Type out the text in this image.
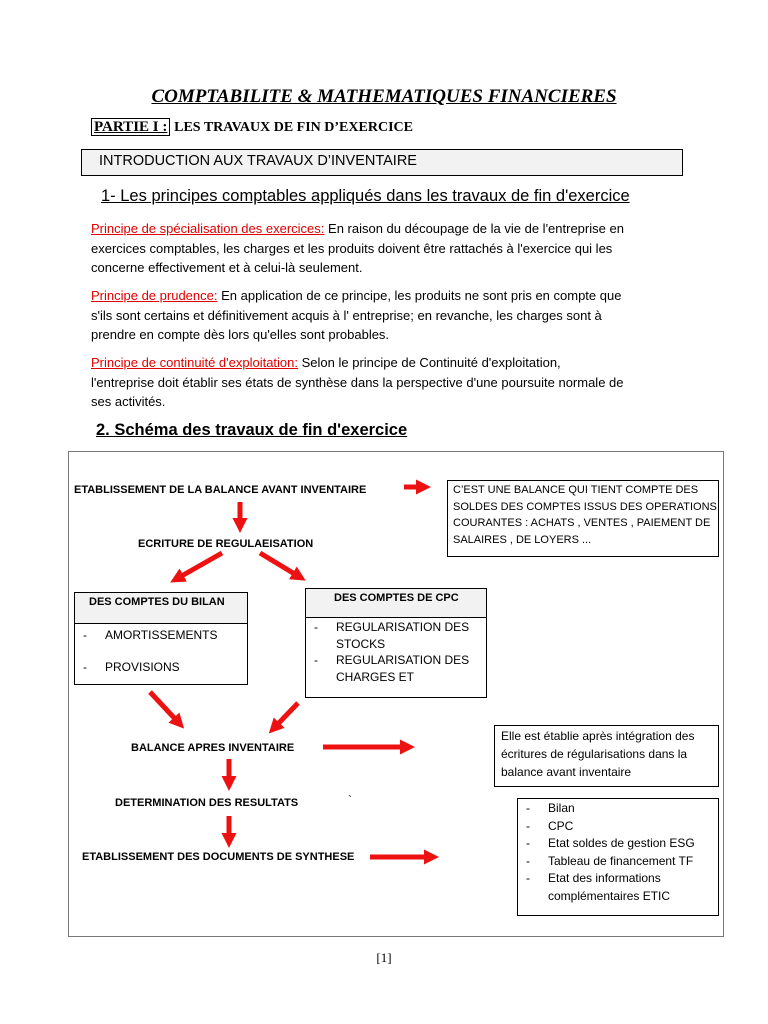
COMPTABILITE & MATHEMATIQUES FINANCIERES
PARTIE I : LES TRAVAUX DE FIN D’EXERCICE
INTRODUCTION AUX TRAVAUX D’INVENTAIRE
1- Les principes comptables appliqués dans les travaux de fin d'exercice
Principe de spécialisation des exercices: En raison du découpage de la vie de l'entreprise en
exercices comptables, les charges et les produits doivent être rattachés à l'exercice qui les
concerne effectivement et à celui-là seulement.
Principe de prudence: En application de ce principe, les produits ne sont pris en compte que
s'ils sont certains et définitivement acquis à l' entreprise; en revanche, les charges sont à
prendre en compte dès lors qu'elles sont probables.
Principe de continuité d'exploitation: Selon le principe de Continuité d'exploitation,
l'entreprise doit établir ses états de synthèse dans la perspective d'une poursuite normale de
ses activités.
2. Schéma des travaux de fin d'exercice
ETABLISSEMENT DE LA BALANCE AVANT INVENTAIRE	C’EST UNE BALANCE QUI TIENT COMPTE DES
SOLDES DES COMPTES ISSUS DES OPERATIONS
COURANTES : ACHATS , VENTES , PAIEMENT DE
SALAIRES , DE LOYERS ...
ECRITURE DE REGULAEISATION
DES COMPTES DU BILAN
- AMORTISSEMENTS
- PROVISIONS
DES COMPTES DE CPC
- REGULARISATION DES STOCKS
- REGULARISATION DES CHARGES ET
BALANCE APRES INVENTAIRE
Elle est établie après intégration des
écritures de régularisations dans la
balance avant inventaire
DETERMINATION DES RESULTATS	`
ETABLISSEMENT DES DOCUMENTS DE SYNTHESE
- Bilan
- CPC
- Etat soldes de gestion ESG
- Tableau de financement TF
- Etat des informations complémentaires ETIC
[1]
